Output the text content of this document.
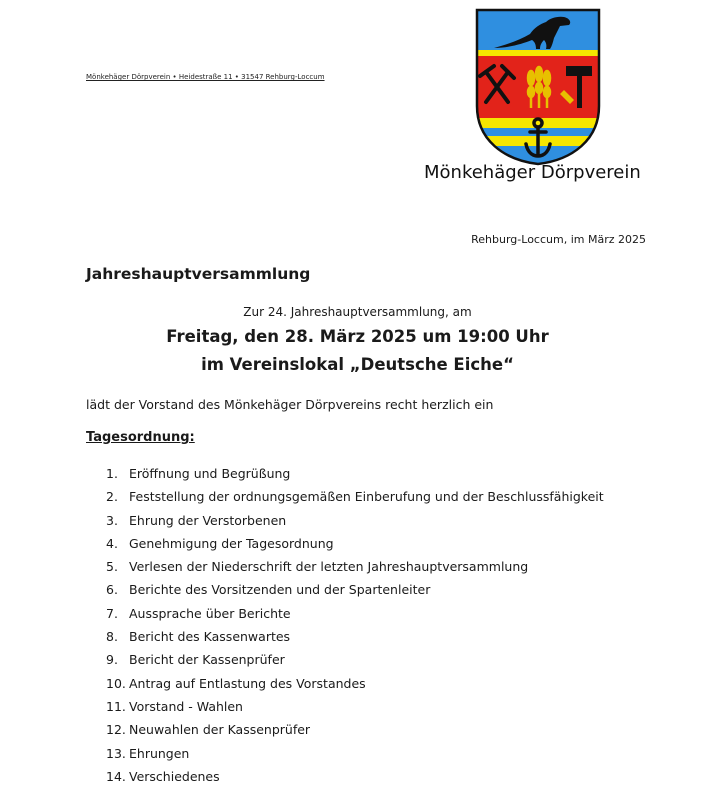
Mönkehäger Dörpverein • Heidestraße 11 • 31547 Rehburg-Loccum
Mönkehäger Dörpverein
Rehburg-Loccum, im März 2025
Jahreshauptversammlung
Zur 24. Jahreshauptversammlung, am
Freitag, den 28. März 2025 um 19:00 Uhr
im Vereinslokal „Deutsche Eiche“
lädt der Vorstand des Mönkehäger Dörpvereins recht herzlich ein
Tagesordnung:
1. Eröffnung und Begrüßung
2. Feststellung der ordnungsgemäßen Einberufung und der Beschlussfähigkeit
3. Ehrung der Verstorbenen
4. Genehmigung der Tagesordnung
5. Verlesen der Niederschrift der letzten Jahreshauptversammlung
6. Berichte des Vorsitzenden und der Spartenleiter
7. Aussprache über Berichte
8. Bericht des Kassenwartes
9. Bericht der Kassenprüfer
10. Antrag auf Entlastung des Vorstandes
11. Vorstand - Wahlen
12. Neuwahlen der Kassenprüfer
13. Ehrungen
14. Verschiedenes
